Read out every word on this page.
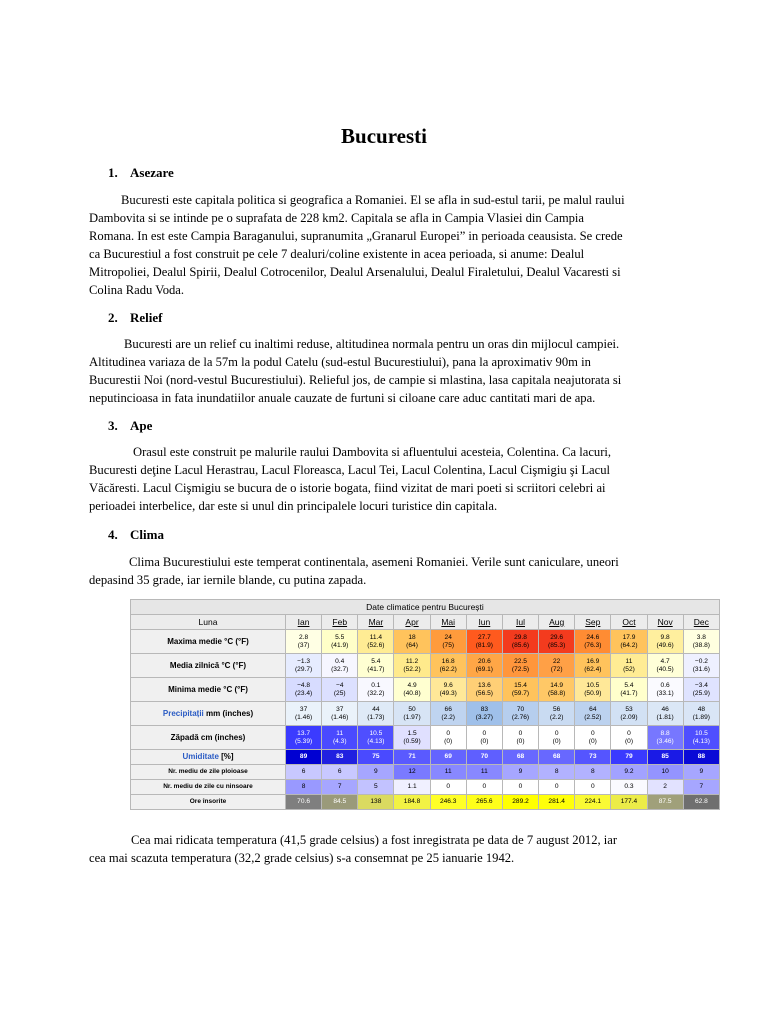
Bucuresti
1. Asezare
Bucuresti este capitala politica si geografica a Romaniei. El se afla in sud-estul tarii, pe malul raului
Dambovita si se intinde pe o suprafata de 228 km2. Capitala se afla in Campia Vlasiei din Campia
Romana. In est este Campia Baraganului, supranumita „Granarul Europei” in perioada ceausista. Se crede
ca Bucurestiul a fost construit pe cele 7 dealuri/coline existente in acea perioada, si anume: Dealul
Mitropoliei, Dealul Spirii, Dealul Cotrocenilor, Dealul Arsenalului, Dealul Firaletului, Dealul Vacaresti si
Colina Radu Voda.
2. Relief
Bucuresti are un relief cu inaltimi reduse, altitudinea normala pentru un oras din mijlocul campiei.
Altitudinea variaza de la 57m la podul Catelu (sud-estul Bucurestiului), pana la aproximativ 90m in
Bucurestii Noi (nord-vestul Bucurestiului). Relieful jos, de campie si mlastina, lasa capitala neajutorata si
neputincioasa in fata inundatiilor anuale cauzate de furtuni si ciloane care aduc cantitati mari de apa.
3. Ape
Orasul este construit pe malurile raului Dambovita si afluentului acesteia, Colentina. Ca lacuri,
Bucuresti deţine Lacul Herastrau, Lacul Floreasca, Lacul Tei, Lacul Colentina, Lacul Cişmigiu şi Lacul
Văcăresti. Lacul Cişmigiu se bucura de o istorie bogata, fiind vizitat de mari poeti si scriitori celebri ai
perioadei interbelice, dar este si unul din principalele locuri turistice din capitala.
4. Clima
Clima Bucurestiului este temperat continentala, asemeni Romaniei. Verile sunt caniculare, uneori
depasind 35 grade, iar iernile blande, cu putina zapada.
Date climatice pentru București												
Luna	Ian	Feb	Mar	Apr	Mai	Iun	Iul	Aug	Sep	Oct	Nov	Dec
Maxima medie °C (°F)	2.8
(37)	5.5
(41.9)	11.4
(52.6)	18
(64)	24
(75)	27.7
(81.9)	29.8
(85.6)	29.6
(85.3)	24.6
(76.3)	17.9
(64.2)	9.8
(49.6)	3.8
(38.8)

Media zilnică °C (°F)	−1.3
(29.7)	0.4
(32.7)	5.4
(41.7)	11.2
(52.2)	16.8
(62.2)	20.6
(69.1)	22.5
(72.5)	22
(72)	16.9
(62.4)	11
(52)	4.7
(40.5)	−0.2
(31.6)

Minima medie °C (°F)	−4.8
(23.4)	−4
(25)	0.1
(32.2)	4.9
(40.8)	9.6
(49.3)	13.6
(56.5)	15.4
(59.7)	14.9
(58.8)	10.5
(50.9)	5.4
(41.7)	0.6
(33.1)	−3.4
(25.9)

Precipitații mm (inches)	37
(1.46)	37
(1.46)	44
(1.73)	50
(1.97)	66
(2.2)	83
(3.27)	70
(2.76)	56
(2.2)	64
(2.52)	53
(2.09)	46
(1.81)	48
(1.89)

Zăpadă cm (inches)	13.7
(5.39)	11
(4.3)	10.5
(4.13)	1.5
(0.59)	0
(0)	0
(0)	0
(0)	0
(0)	0
(0)	0
(0)	8.8
(3.46)	10.5
(4.13)

Umiditate [%]	89	83	75	71	69	70	68	68	73	79	85	88

Nr. mediu de zile ploioase	6	6	9	12	11	11	9	8	8	9.2	10	9

Nr. mediu de zile cu ninsoare	8	7	5	1.1	0	0	0	0	0	0.3	2	7

Ore însorite	70.6	84.5	138	184.8	246.3	265.6	289.2	281.4	224.1	177.4	87.5	62.8
Cea mai ridicata temperatura (41,5 grade celsius) a fost inregistrata pe data de 7 august 2012, iar
cea mai scazuta temperatura (32,2 grade celsius) s-a consemnat pe 25 ianuarie 1942.
